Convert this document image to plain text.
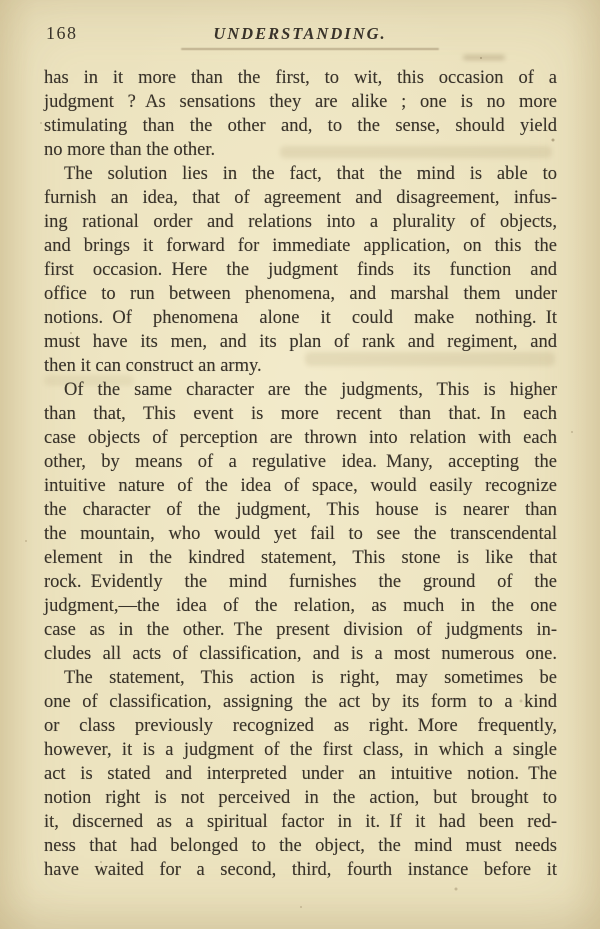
168	UNDERSTANDING.
has in it more than the first, to wit, this occasion of a
judgment ? As sensations they are alike ; one is no more
stimulating than the other and, to the sense, should yield
no more than the other.
The solution lies in the fact, that the mind is able to
furnish an idea, that of agreement and disagreement, infus-
ing rational order and relations into a plurality of objects,
and brings it forward for immediate application, on this the
first occasion. Here the judgment finds its function and
office to run between phenomena, and marshal them under
notions. Of phenomena alone it could make nothing. It
must have its men, and its plan of rank and regiment, and
then it can construct an army.
Of the same character are the judgments, This is higher
than that, This event is more recent than that. In each
case objects of perception are thrown into relation with each
other, by means of a regulative idea. Many, accepting the
intuitive nature of the idea of space, would easily recognize
the character of the judgment, This house is nearer than
the mountain, who would yet fail to see the transcendental
element in the kindred statement, This stone is like that
rock. Evidently the mind furnishes the ground of the
judgment,—the idea of the relation, as much in the one
case as in the other. The present division of judgments in-
cludes all acts of classification, and is a most numerous one.
The statement, This action is right, may sometimes be
one of classification, assigning the act by its form to a kind
or class previously recognized as right. More frequently,
however, it is a judgment of the first class, in which a single
act is stated and interpreted under an intuitive notion. The
notion right is not perceived in the action, but brought to
it, discerned as a spiritual factor in it. If it had been red-
ness that had belonged to the object, the mind must needs
have waited for a second, third, fourth instance before it
